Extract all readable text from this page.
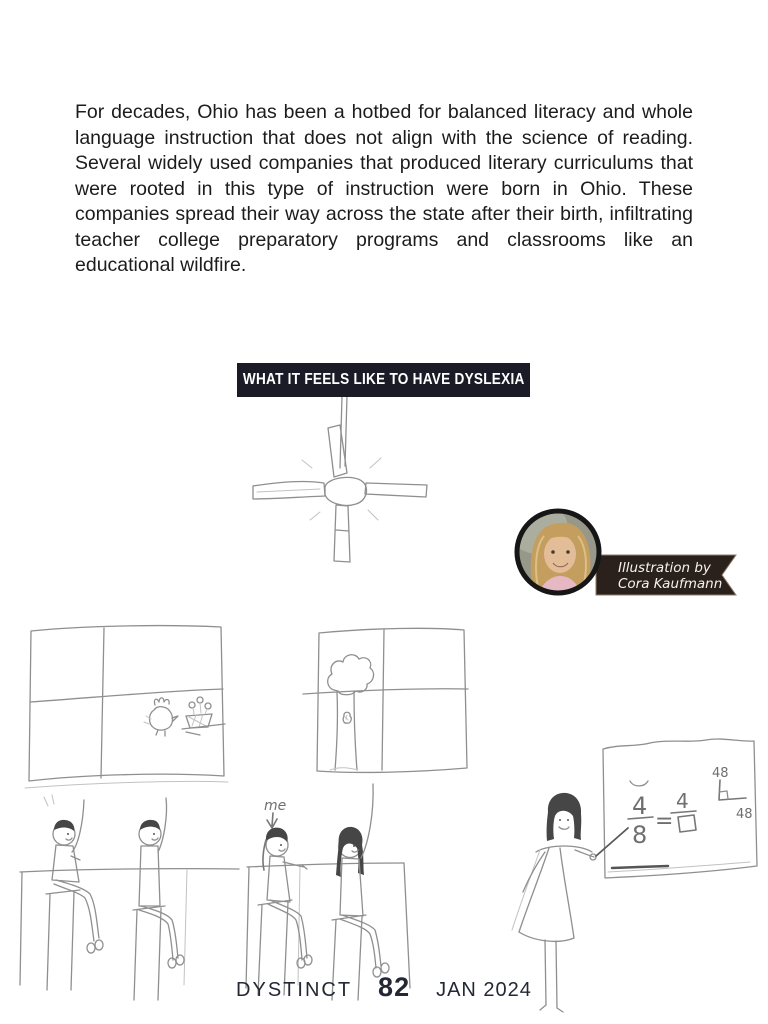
For decades, Ohio has been a hotbed for balanced literacy and whole language instruction that does not align with the science of reading. Several widely used companies that produced literary curriculums that were rooted in this type of instruction were born in Ohio. These companies spread their way across the state after their birth, infiltrating teacher college preparatory programs and classrooms like an educational wildfire.

WHAT IT FEELS LIKE TO HAVE DYSLEXIA
me	4
8 =
4
48
48
Illustration by
Cora Kaufmann
DYSTINCT 82 JAN 2024
